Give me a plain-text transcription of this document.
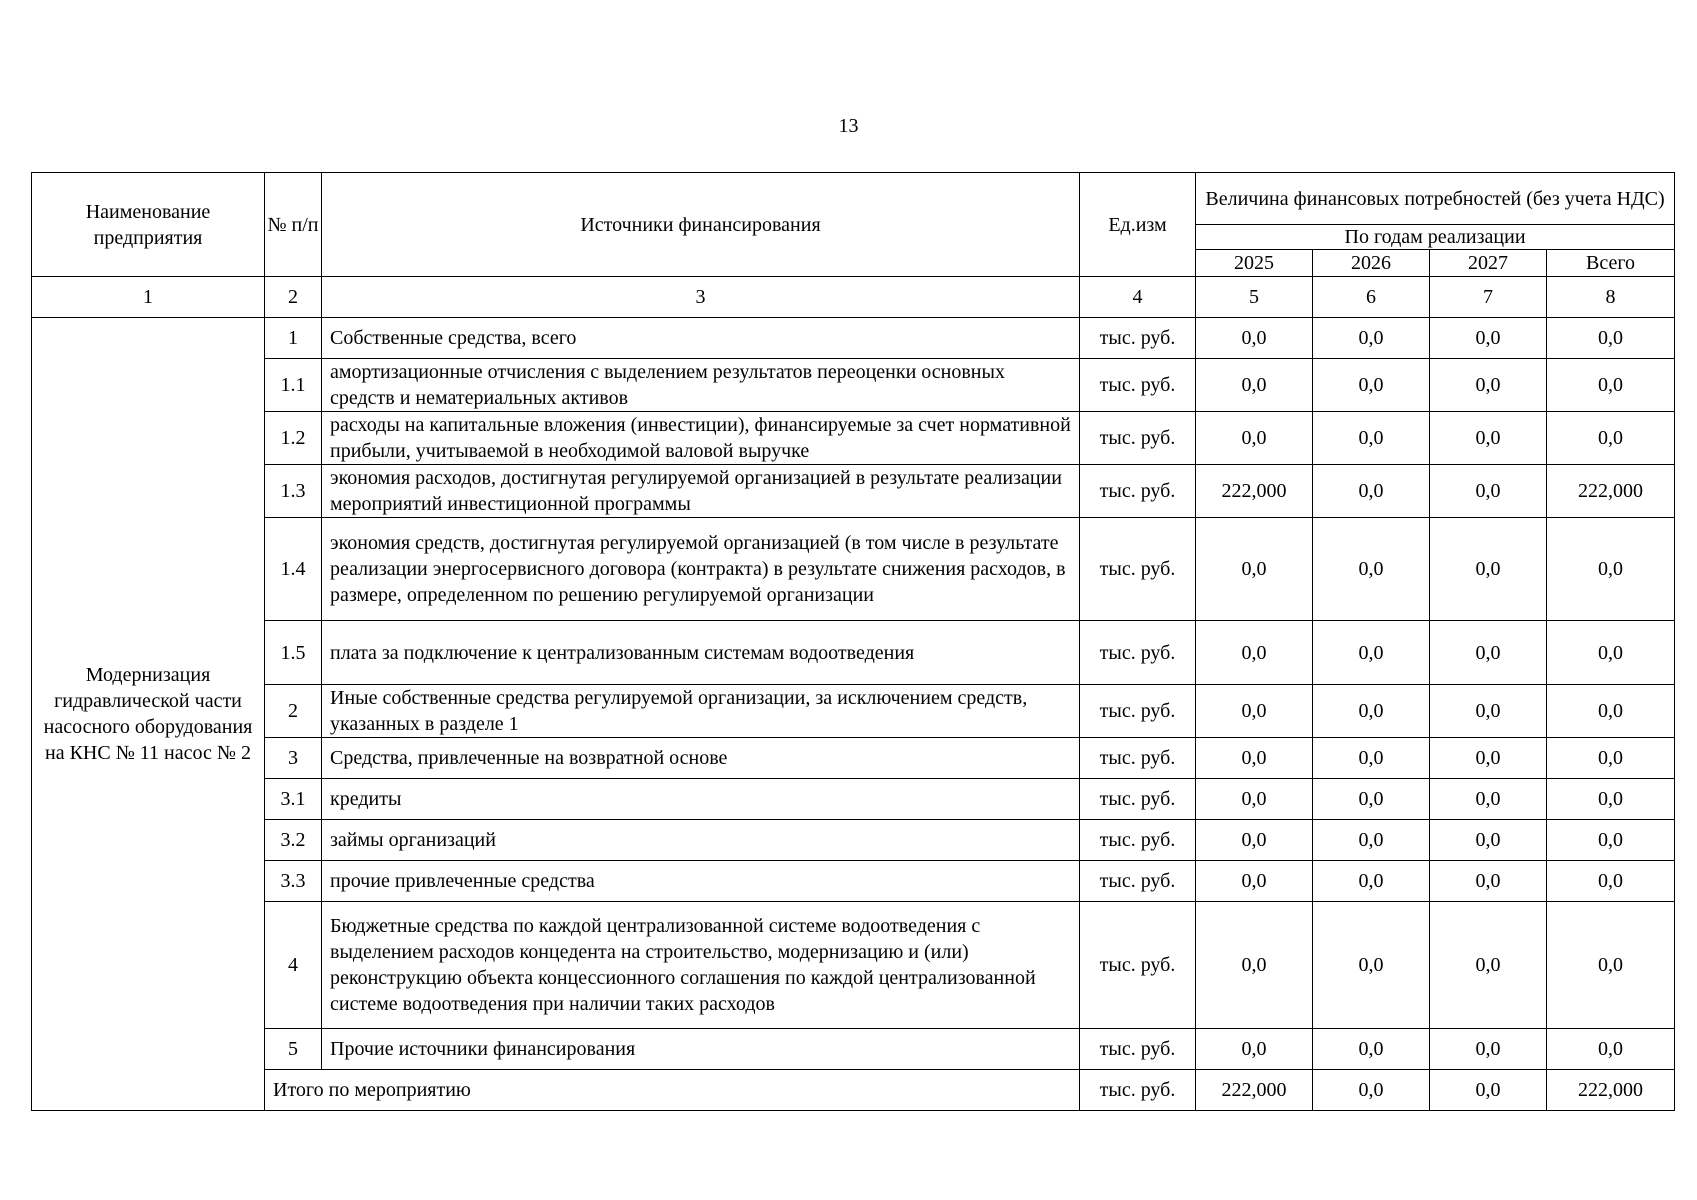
13
Наименование предприятия	№ п/п	Источники финансирования	Ед.изм	Величина финансовых потребностей (без учета НДС)			
				По годам реализации			
				2025	2026	2027	Всего
1	2	3	4	5	6	7	8
Модернизация гидравлической части насосного оборудования на КНС № 11 насос № 2	1	Собственные средства, всего	тыс. руб.	0,0	0,0	0,0	0,0
	1.1	амортизационные отчисления с выделением результатов переоценки основных средств и нематериальных активов	тыс. руб.	0,0	0,0	0,0	0,0
	1.2	расходы на капитальные вложения (инвестиции), финансируемые за счет нормативной прибыли, учитываемой в необходимой валовой выручке	тыс. руб.	0,0	0,0	0,0	0,0
	1.3	экономия расходов, достигнутая регулируемой организацией в результате реализации мероприятий инвестиционной программы	тыс. руб.	222,000	0,0	0,0	222,000
	1.4	экономия средств, достигнутая регулируемой организацией (в том числе в результате реализации энергосервисного договора (контракта) в результате снижения расходов, в размере, определенном по решению регулируемой организации	тыс. руб.	0,0	0,0	0,0	0,0
	1.5	плата за подключение к централизованным системам водоотведения	тыс. руб.	0,0	0,0	0,0	0,0
	2	Иные собственные средства регулируемой организации, за исключением средств, указанных в разделе 1	тыс. руб.	0,0	0,0	0,0	0,0
	3	Средства, привлеченные на возвратной основе	тыс. руб.	0,0	0,0	0,0	0,0
	3.1	кредиты	тыс. руб.	0,0	0,0	0,0	0,0
	3.2	займы организаций	тыс. руб.	0,0	0,0	0,0	0,0
	3.3	прочие привлеченные средства	тыс. руб.	0,0	0,0	0,0	0,0
	4	Бюджетные средства по каждой централизованной системе водоотведения с выделением расходов концедента на строительство, модернизацию и (или) реконструкцию объекта концессионного соглашения по каждой централизованной системе водоотведения при наличии таких расходов	тыс. руб.	0,0	0,0	0,0	0,0
	5	Прочие источники финансирования	тыс. руб.	0,0	0,0	0,0	0,0
	Итого по мероприятию		тыс. руб.	222,000	0,0	0,0	222,000
